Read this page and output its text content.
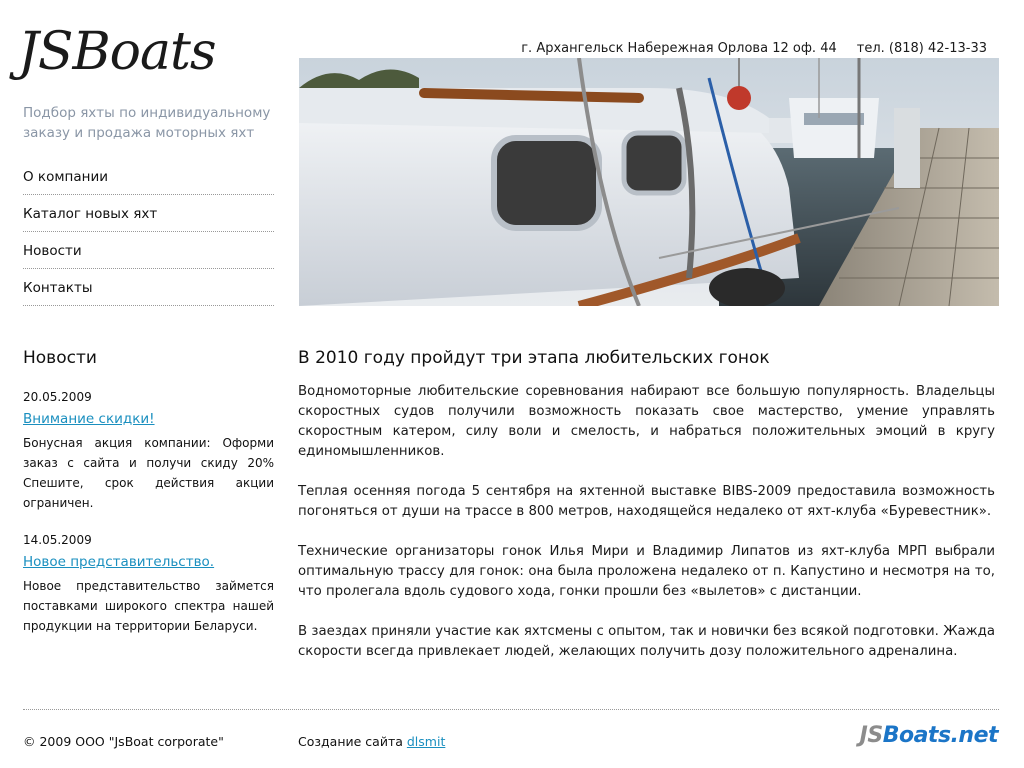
JSBoats
Подбор яхты по индивидуальному заказу и продажа моторных яхт
г. Архангельск Набережная Орлова 12 оф. 44 тел. (818) 42-13-33
О компании
Каталог новых яхт
Новости
Контакты
Новости
20.05.2009
Внимание скидки!
Бонусная акция компании: Оформи заказ с сайта и получи скиду 20% Спешите, срок действия акции ограничен.
14.05.2009
Новое представительство.
Новое представительство займется поставками широкого спектра нашей продукции на территории Беларуси.
В 2010 году пройдут три этапа любительских гонок

Водномоторные любительские соревнования набирают все большую популярность. Владельцы скоростных судов получили возможность показать свое мастерство, умение управлять скоростным катером, силу воли и смелость, и набраться положительных эмоций в кругу единомышленников.

Теплая осенняя погода 5 сентября на яхтенной выставке BIBS-2009 предоставила возможность погоняться от души на трассе в 800 метров, находящейся недалеко от яхт-клуба «Буревестник».

Технические организаторы гонок Илья Мири и Владимир Липатов из яхт-клуба МРП выбрали оптимальную трассу для гонок: она была проложена недалеко от п. Капустино и несмотря на то, что пролегала вдоль судового хода, гонки прошли без «вылетов» с дистанции.

В заездах приняли участие как яхтсмены с опытом, так и новички без всякой подготовки. Жажда скорости всегда привлекает людей, желающих получить дозу положительного адреналина.

© 2009 ООО "JsBoat corporate"	Создание сайта dlsmit	JSBoats.net
